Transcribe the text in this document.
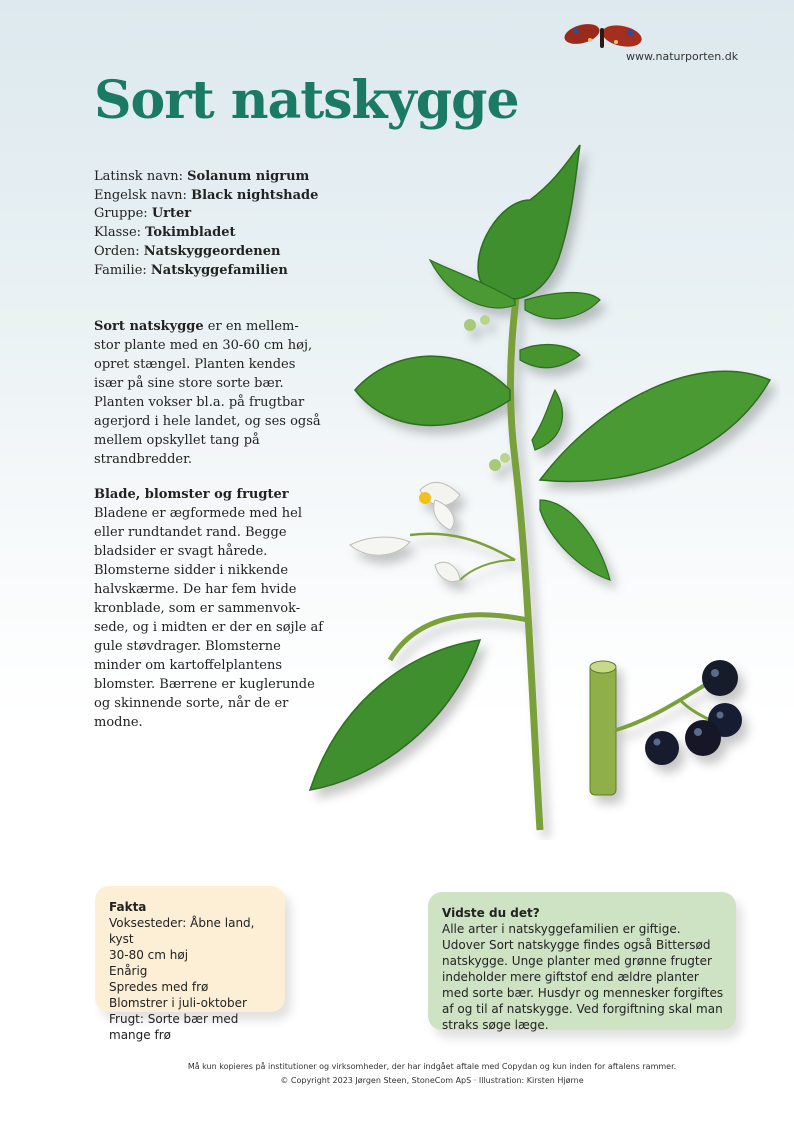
www.naturporten.dk
Sort natskygge
Latinsk navn: Solanum nigrum
Engelsk navn: Black nightshade
Gruppe: Urter
Klasse: Tokimbladet
Orden: Natskyggeordenen
Familie: Natskyggefamilien

Sort natskygge er en mellem-stor plante med en 30-60 cm høj, opret stængel. Planten kendes især på sine store sorte bær. Planten vokser bl.a. på frugtbar agerjord i hele landet, og ses også mellem opskyllet tang på strandbredder.

Blade, blomster og frugter
Bladene er ægformede med hel eller rundtandet rand. Begge bladsider er svagt hårede. Blomsterne sidder i nikkende halvskærme. De har fem hvide kronblade, som er sammenvok-sede, og i midten er der en søjle af gule støvdrager. Blomsterne minder om kartoffelplantens blomster. Bærrene er kuglerunde og skinnende sorte, når de er modne.
Fakta
Voksesteder: Åbne land, kyst
30-80 cm høj
Enårig
Spredes med frø
Blomstrer i juli-oktober
Frugt: Sorte bær med mange frø
Vidste du det?
Alle arter i natskyggefamilien er giftige. Udover Sort natskygge findes også Bittersød natskygge. Unge planter med grønne frugter indeholder mere giftstof end ældre planter med sorte bær. Husdyr og mennesker forgiftes af og til af natskygge. Ved forgiftning skal man straks søge læge.
Må kun kopieres på institutioner og virksomheder, der har indgået aftale med Copydan og kun inden for aftalens rammer.
© Copyright 2023 Jørgen Steen, StoneCom ApS · Illustration: Kirsten Hjørne
